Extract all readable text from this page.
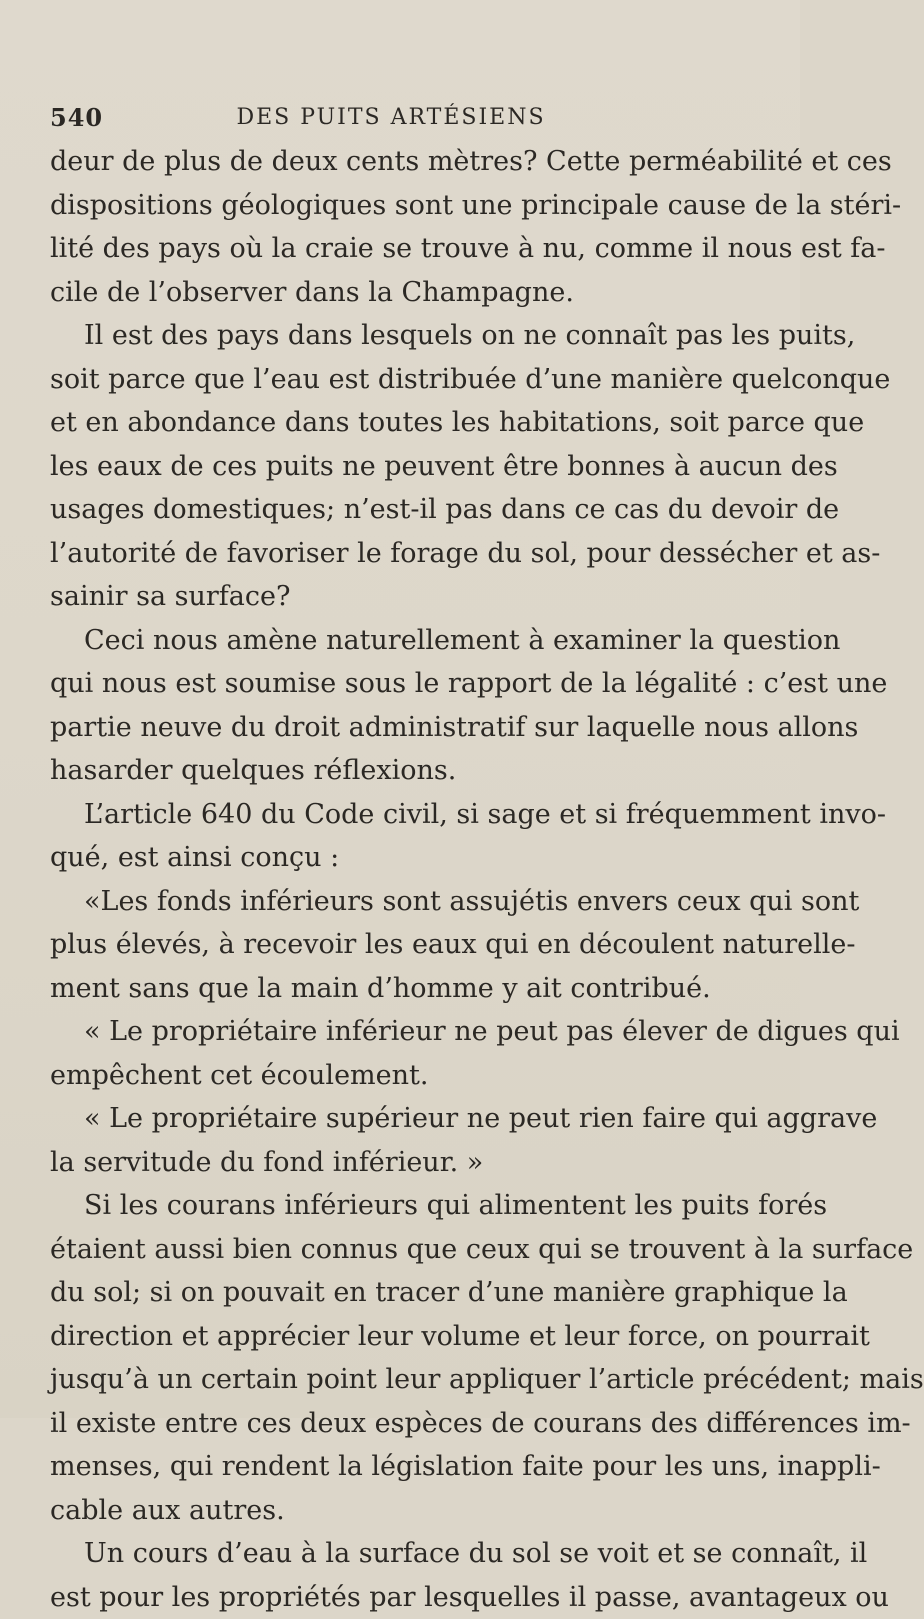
540	DES PUITS ARTÉSIENS
deur de plus de deux cents mètres? Cette perméabilité et ces
dispositions géologiques sont une principale cause de la stéri-
lité des pays où la craie se trouve à nu, comme il nous est fa-
cile de l’observer dans la Champagne.
Il est des pays dans lesquels on ne connaît pas les puits,
soit parce que l’eau est distribuée d’une manière quelconque
et en abondance dans toutes les habitations, soit parce que
les eaux de ces puits ne peuvent être bonnes à aucun des
usages domestiques; n’est-il pas dans ce cas du devoir de
l’autorité de favoriser le forage du sol, pour dessécher et as-
sainir sa surface?
Ceci nous amène naturellement à examiner la question
qui nous est soumise sous le rapport de la légalité : c’est une
partie neuve du droit administratif sur laquelle nous allons
hasarder quelques réflexions.
L’article 640 du Code civil, si sage et si fréquemment invo-
qué, est ainsi conçu :
«Les fonds inférieurs sont assujétis envers ceux qui sont
plus élevés, à recevoir les eaux qui en découlent naturelle-
ment sans que la main d’homme y ait contribué.
« Le propriétaire inférieur ne peut pas élever de digues qui
empêchent cet écoulement.
« Le propriétaire supérieur ne peut rien faire qui aggrave
la servitude du fond inférieur. »
Si les courans inférieurs qui alimentent les puits forés
étaient aussi bien connus que ceux qui se trouvent à la surface
du sol; si on pouvait en tracer d’une manière graphique la
direction et apprécier leur volume et leur force, on pourrait
jusqu’à un certain point leur appliquer l’article précédent; mais
il existe entre ces deux espèces de courans des différences im-
menses, qui rendent la législation faite pour les uns, inappli-
cable aux autres.
Un cours d’eau à la surface du sol se voit et se connaît, il
est pour les propriétés par lesquelles il passe, avantageux ou
